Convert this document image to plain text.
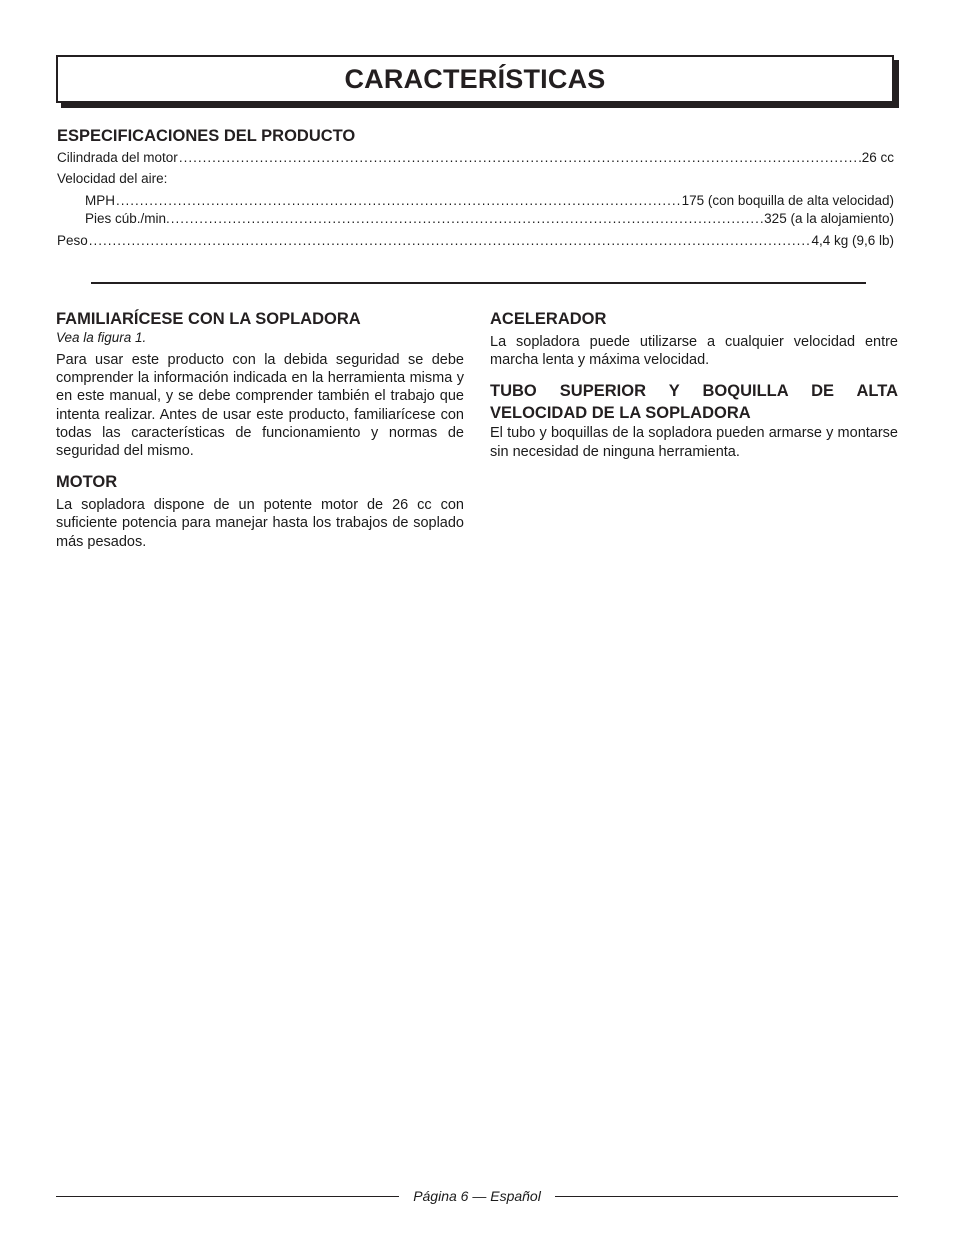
CARACTERÍSTICAS
ESPECIFICACIONES DEL PRODUCTO
Cilindrada del motor .....	26 cc
Velocidad del aire:
MPH .....	175 (con boquilla de alta velocidad)
Pies cúb./min. .....	325 (a la alojamiento)
Peso .....	4,4 kg (9,6 lb)
FAMILIARÍCESE CON LA SOPLADORA

Vea la figura 1.

Para usar este producto con la debida seguridad se debe comprender la información indicada en la herramienta misma y en este manual, y se debe comprender también el trabajo que intenta realizar. Antes de usar este producto, familiarícese con todas las características de funcionamiento y normas de seguridad del mismo.

MOTOR

La sopladora dispone de un potente motor de 26 cc con suficiente potencia para manejar hasta los trabajos de soplado más pesados.

ACELERADOR

La sopladora puede utilizarse a cualquier velocidad entre marcha lenta y máxima velocidad.

TUBO SUPERIOR Y BOQUILLA DE ALTA
VELOCIDAD DE LA SOPLADORA

El tubo y boquillas de la sopladora pueden armarse y montarse sin necesidad de ninguna herramienta.

Página 6 — Español
